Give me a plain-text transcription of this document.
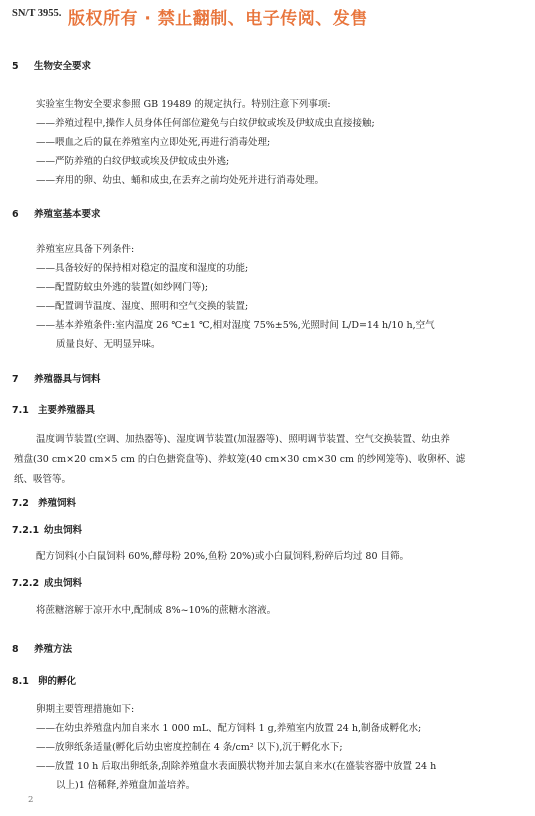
SN/T 3955. 版权所有 · 禁止翻制、电子传阅、发售
5 生物安全要求
实验室生物安全要求参照 GB 19489 的规定执行。特别注意下列事项:
——养殖过程中,操作人员身体任何部位避免与白纹伊蚊或埃及伊蚊成虫直接接触;
——喂血之后的鼠在养殖室内立即处死,再进行消毒处理;
——严防养殖的白纹伊蚊或埃及伊蚊成虫外逃;
——弃用的卵、幼虫、蛹和成虫,在丢弃之前均处死并进行消毒处理。
6 养殖室基本要求
养殖室应具备下列条件:
——具备较好的保持相对稳定的温度和湿度的功能;
——配置防蚊虫外逃的装置(如纱网门等);
——配置调节温度、湿度、照明和空气交换的装置;
——基本养殖条件:室内温度 26 ℃±1 ℃,相对湿度 75%±5%,光照时间 L/D=14 h/10 h,空气
质量良好、无明显异味。
7 养殖器具与饲料
7.1 主要养殖器具
温度调节装置(空调、加热器等)、湿度调节装置(加湿器等)、照明调节装置、空气交换装置、幼虫养
殖盘(30 cm×20 cm×5 cm 的白色搪瓷盘等)、养蚊笼(40 cm×30 cm×30 cm 的纱网笼等)、收卵杯、滤
纸、吸管等。
7.2 养殖饲料
7.2.1 幼虫饲料
配方饲料(小白鼠饲料 60%,酵母粉 20%,鱼粉 20%)或小白鼠饲料,粉碎后均过 80 目筛。
7.2.2 成虫饲料
将蔗糖溶解于凉开水中,配制成 8%~10%的蔗糖水溶液。
8 养殖方法
8.1 卵的孵化
卵期主要管理措施如下:
——在幼虫养殖盘内加自来水 1 000 mL、配方饲料 1 g,养殖室内放置 24 h,制备成孵化水;
——放卵纸条适量(孵化后幼虫密度控制在 4 条/cm² 以下),沉于孵化水下;
——放置 10 h 后取出卵纸条,刮除养殖盘水表面膜状物并加去氯自来水(在盛装容器中放置 24 h
以上)1 倍稀释,养殖盘加盖培养。
2
